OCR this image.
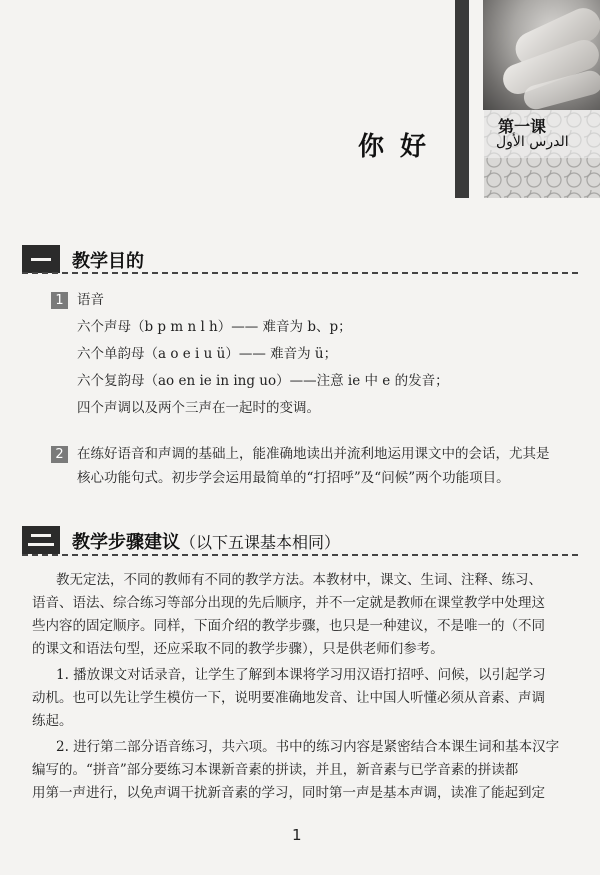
第一课
الدرس الأول
你好
教学目的
1 语音
六个声母（b p m n l h）—— 难音为 b、p；
六个单韵母（a o e i u ü）—— 难音为 ü；
六个复韵母（ao en ie in ing uo）——注意 ie 中 e 的发音；
四个声调以及两个三声在一起时的变调。
2 在练好语音和声调的基础上，能准确地读出并流利地运用课文中的会话，尤其是
核心功能句式。初步学会运用最简单的“打招呼”及“问候”两个功能项目。
教学步骤建议（以下五课基本相同）
教无定法，不同的教师有不同的教学方法。本教材中，课文、生词、注释、练习、
语音、语法、综合练习等部分出现的先后顺序，并不一定就是教师在课堂教学中处理这
些内容的固定顺序。同样，下面介绍的教学步骤，也只是一种建议，不是唯一的（不同
的课文和语法句型，还应采取不同的教学步骤），只是供老师们参考。
1. 播放课文对话录音，让学生了解到本课将学习用汉语打招呼、问候，以引起学习
动机。也可以先让学生模仿一下，说明要准确地发音、让中国人听懂必须从音素、声调
练起。
2. 进行第二部分语音练习，共六项。书中的练习内容是紧密结合本课生词和基本汉字
编写的。“拼音”部分要练习本课新音素的拼读，并且，新音素与已学音素的拼读都
用第一声进行，以免声调干扰新音素的学习，同时第一声是基本声调，读准了能起到定
1
